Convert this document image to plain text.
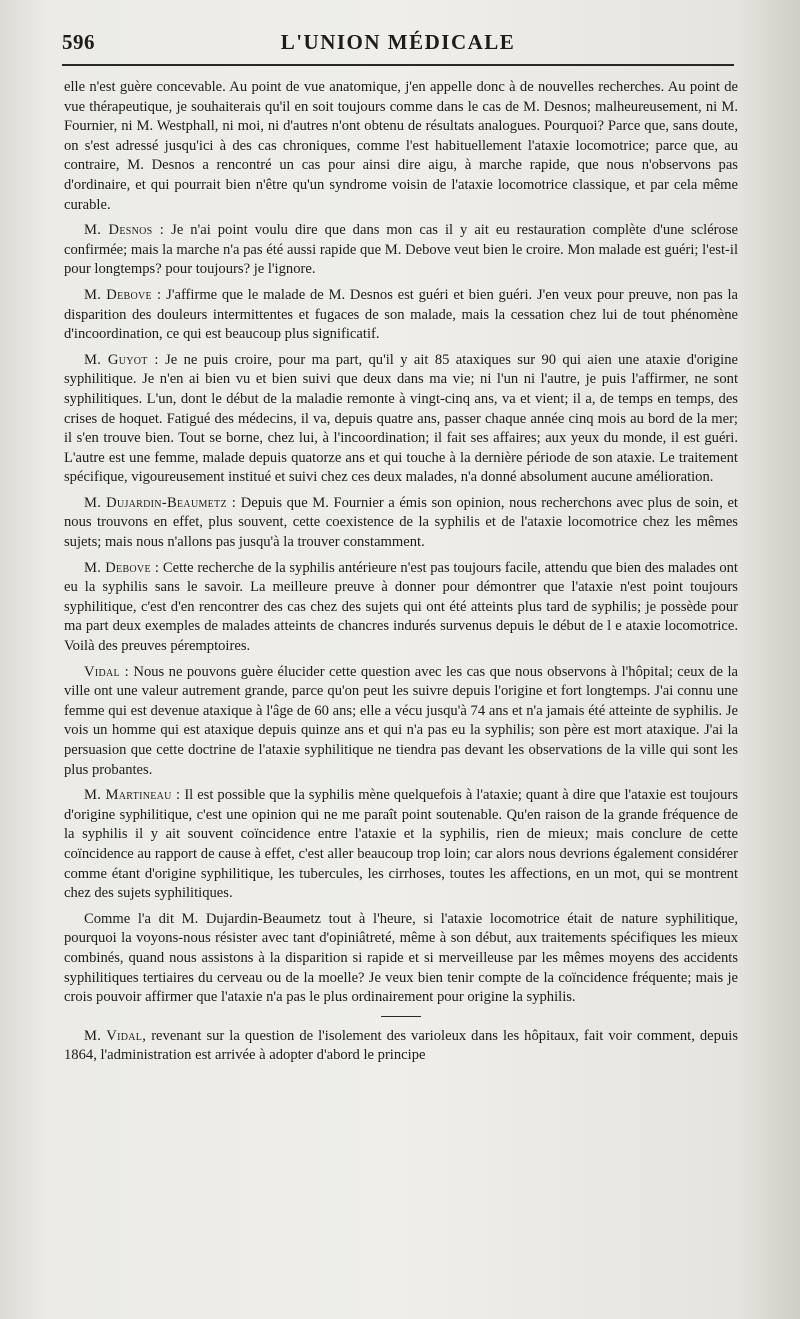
596	L'UNION MÉDICALE

elle n'est guère concevable. Au point de vue anatomique, j'en appelle donc à de nouvelles recherches. Au point de vue thérapeutique, je souhaiterais qu'il en soit toujours comme dans le cas de M. Desnos; malheureusement, ni M. Fournier, ni M. Westphall, ni moi, ni d'autres n'ont obtenu de résultats analogues. Pourquoi? Parce que, sans doute, on s'est adressé jusqu'ici à des cas chroniques, comme l'est habituellement l'ataxie locomotrice; parce que, au contraire, M. Desnos a rencontré un cas pour ainsi dire aigu, à marche rapide, que nous n'observons pas d'ordinaire, et qui pourrait bien n'être qu'un syndrome voisin de l'ataxie locomotrice classique, et par cela même curable.

M. Desnos : Je n'ai point voulu dire que dans mon cas il y ait eu restauration complète d'une sclérose confirmée; mais la marche n'a pas été aussi rapide que M. Debove veut bien le croire. Mon malade est guéri; l'est-il pour longtemps? pour toujours? je l'ignore.

M. Debove : J'affirme que le malade de M. Desnos est guéri et bien guéri. J'en veux pour preuve, non pas la disparition des douleurs intermittentes et fugaces de son malade, mais la cessation chez lui de tout phénomène d'incoordination, ce qui est beaucoup plus significatif.

M. Guyot : Je ne puis croire, pour ma part, qu'il y ait 85 ataxiques sur 90 qui aien une ataxie d'origine syphilitique. Je n'en ai bien vu et bien suivi que deux dans ma vie; ni l'un ni l'autre, je puis l'affirmer, ne sont syphilitiques. L'un, dont le début de la maladie remonte à vingt-cinq ans, va et vient; il a, de temps en temps, des crises de hoquet. Fatigué des médecins, il va, depuis quatre ans, passer chaque année cinq mois au bord de la mer; il s'en trouve bien. Tout se borne, chez lui, à l'incoordination; il fait ses affaires; aux yeux du monde, il est guéri. L'autre est une femme, malade depuis quatorze ans et qui touche à la dernière période de son ataxie. Le traitement spécifique, vigoureusement institué et suivi chez ces deux malades, n'a donné absolument aucune amélioration.

M. Dujardin-Beaumetz : Depuis que M. Fournier a émis son opinion, nous recherchons avec plus de soin, et nous trouvons en effet, plus souvent, cette coexistence de la syphilis et de l'ataxie locomotrice chez les mêmes sujets; mais nous n'allons pas jusqu'à la trouver constamment.

M. Debove : Cette recherche de la syphilis antérieure n'est pas toujours facile, attendu que bien des malades ont eu la syphilis sans le savoir. La meilleure preuve à donner pour démontrer que l'ataxie n'est point toujours syphilitique, c'est d'en rencontrer des cas chez des sujets qui ont été atteints plus tard de syphilis; je possède pour ma part deux exemples de malades atteints de chancres indurés survenus depuis le début de l e ataxie locomotrice. Voilà des preuves péremptoires.

Vidal : Nous ne pouvons guère élucider cette question avec les cas que nous observons à l'hôpital; ceux de la ville ont une valeur autrement grande, parce qu'on peut les suivre depuis l'origine et fort longtemps. J'ai connu une femme qui est devenue ataxique à l'âge de 60 ans; elle a vécu jusqu'à 74 ans et n'a jamais été atteinte de syphilis. Je vois un homme qui est ataxique depuis quinze ans et qui n'a pas eu la syphilis; son père est mort ataxique. J'ai la persuasion que cette doctrine de l'ataxie syphilitique ne tiendra pas devant les observations de la ville qui sont les plus probantes.

M. Martineau : Il est possible que la syphilis mène quelquefois à l'ataxie; quant à dire que l'ataxie est toujours d'origine syphilitique, c'est une opinion qui ne me paraît point soutenable. Qu'en raison de la grande fréquence de la syphilis il y ait souvent coïncidence entre l'ataxie et la syphilis, rien de mieux; mais conclure de cette coïncidence au rapport de cause à effet, c'est aller beaucoup trop loin; car alors nous devrions également considérer comme étant d'origine syphilitique, les tubercules, les cirrhoses, toutes les affections, en un mot, qui se montrent chez des sujets syphilitiques.

Comme l'a dit M. Dujardin-Beaumetz tout à l'heure, si l'ataxie locomotrice était de nature syphilitique, pourquoi la voyons-nous résister avec tant d'opiniâtreté, même à son début, aux traitements spécifiques les mieux combinés, quand nous assistons à la disparition si rapide et si merveilleuse par les mêmes moyens des accidents syphilitiques tertiaires du cerveau ou de la moelle? Je veux bien tenir compte de la coïncidence fréquente; mais je crois pouvoir affirmer que l'ataxie n'a pas le plus ordinairement pour origine la syphilis.

M. Vidal, revenant sur la question de l'isolement des varioleux dans les hôpitaux, fait voir comment, depuis 1864, l'administration est arrivée à adopter d'abord le principe
